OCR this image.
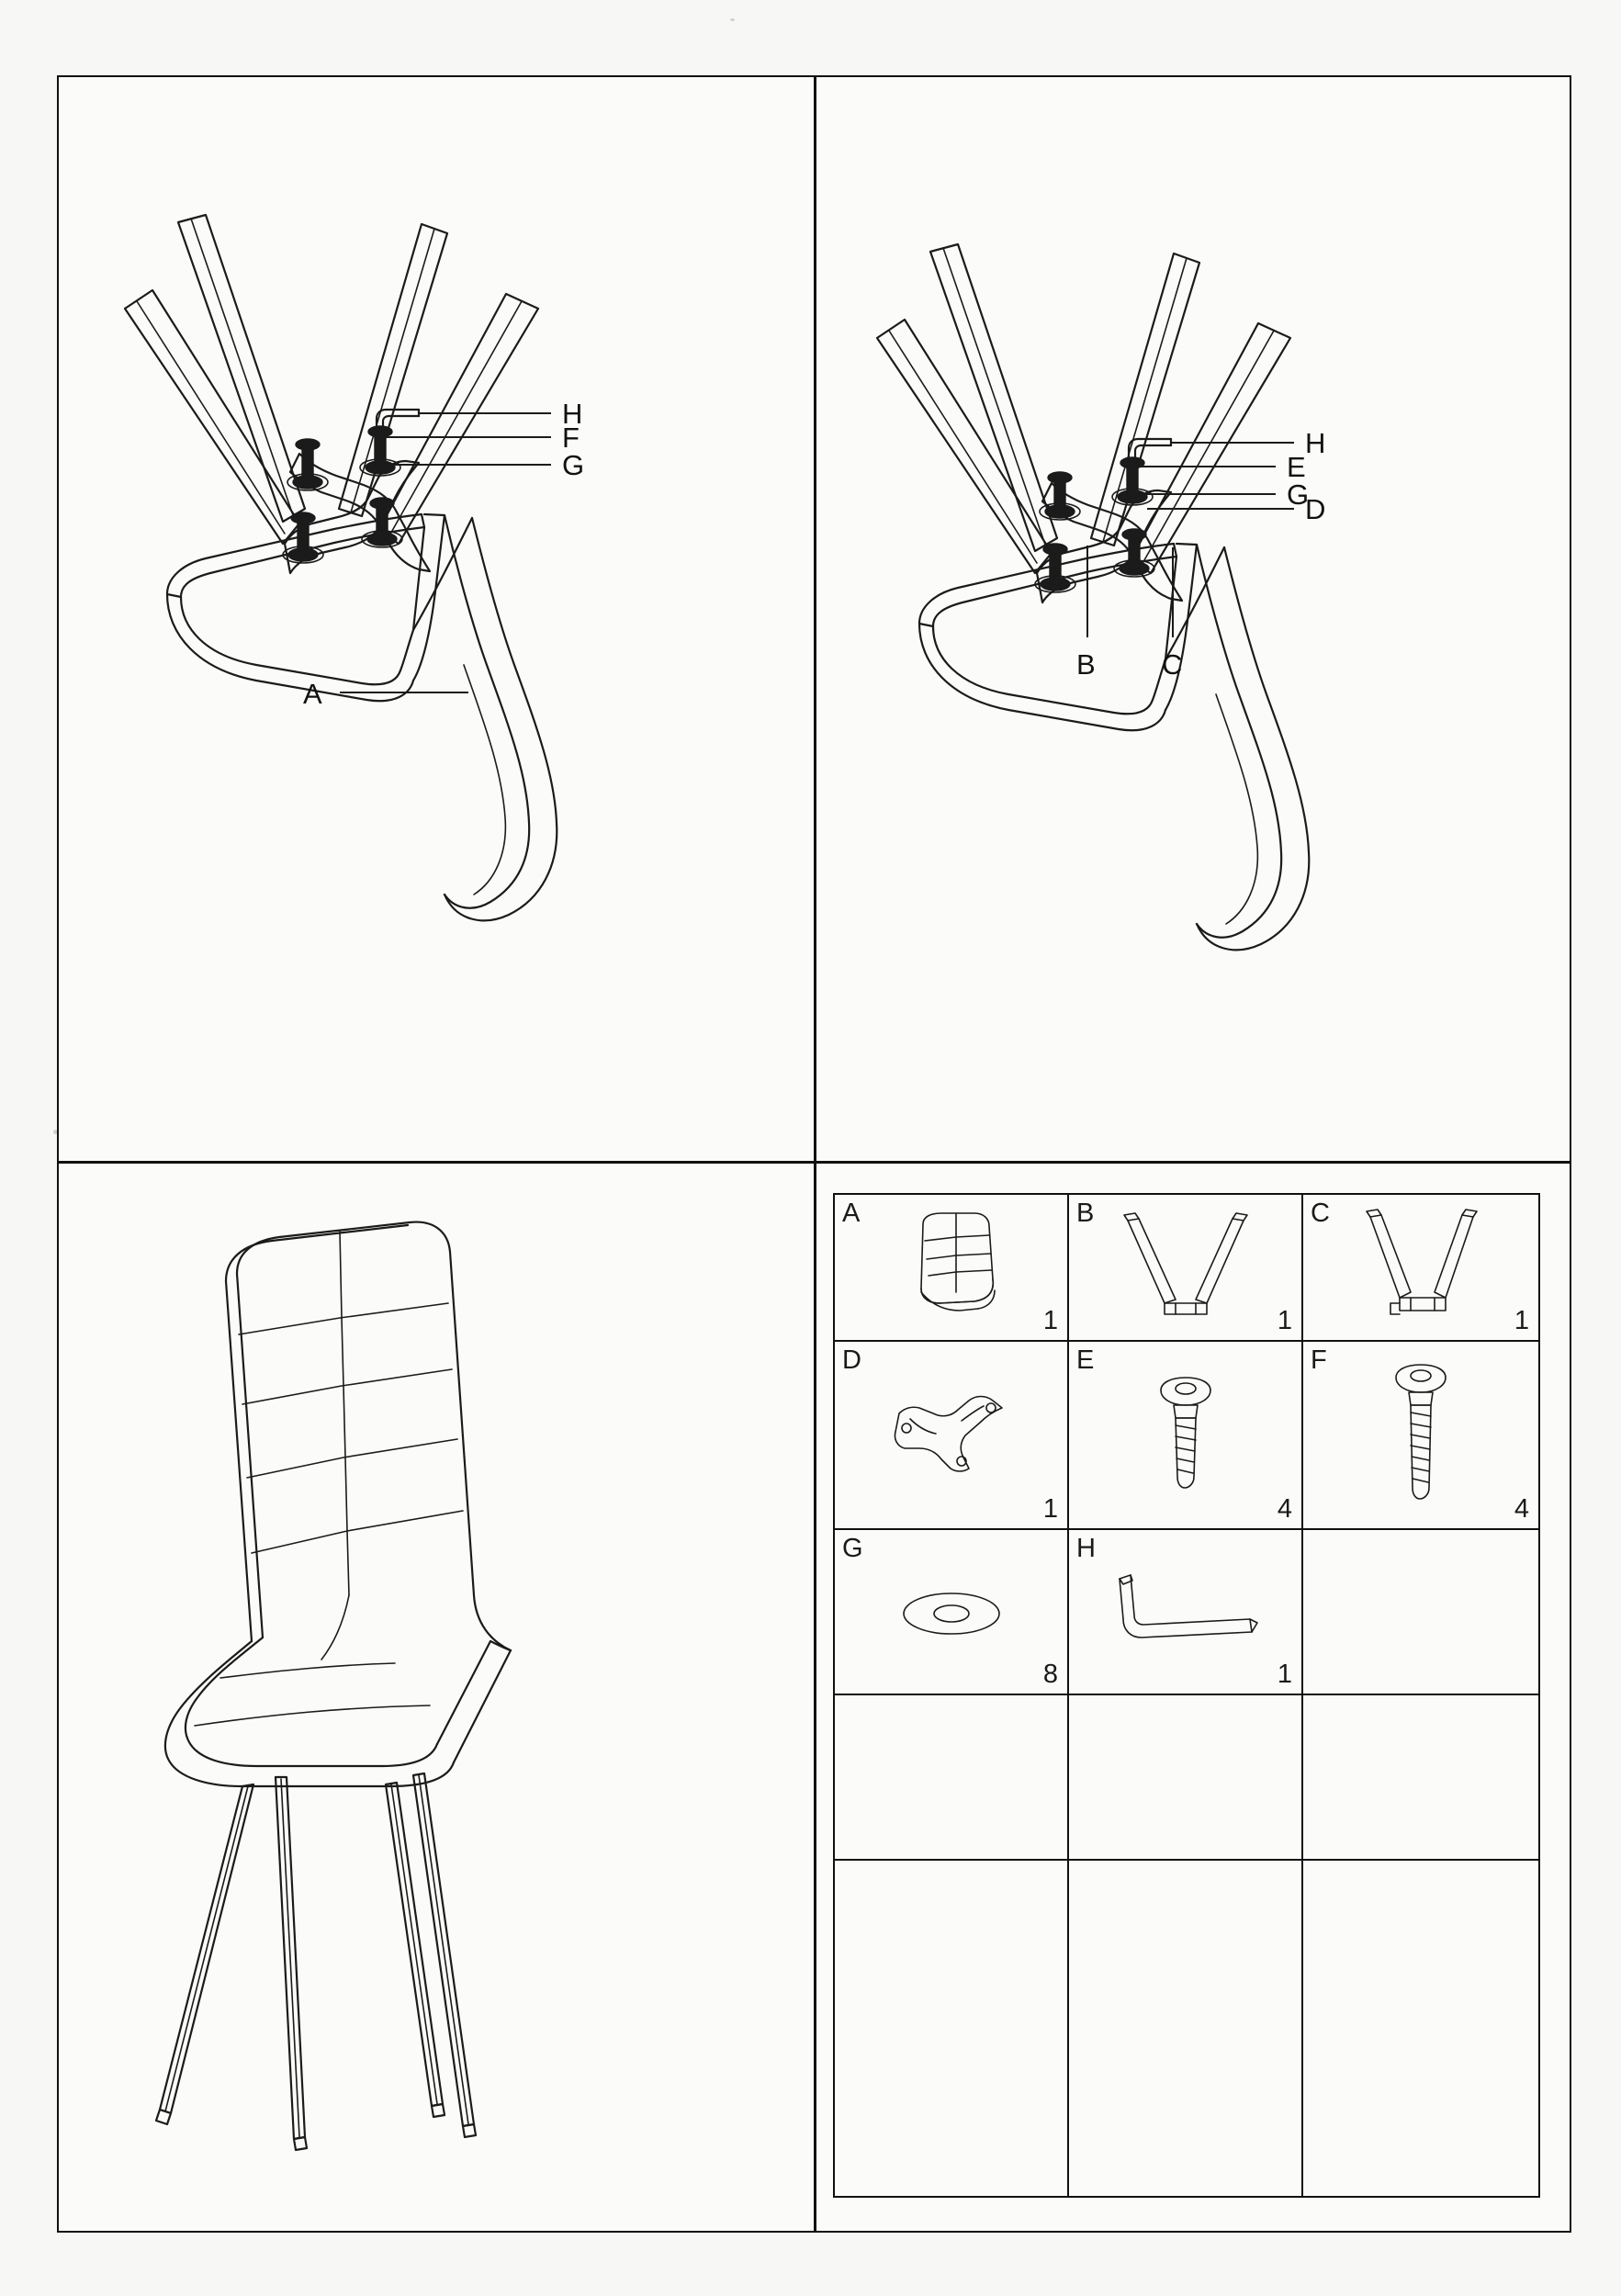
H
F
G
A
H
E
G
D
B C
A
1
B
1
C
1
D
1
E
4
F
4
G
8
H
1
